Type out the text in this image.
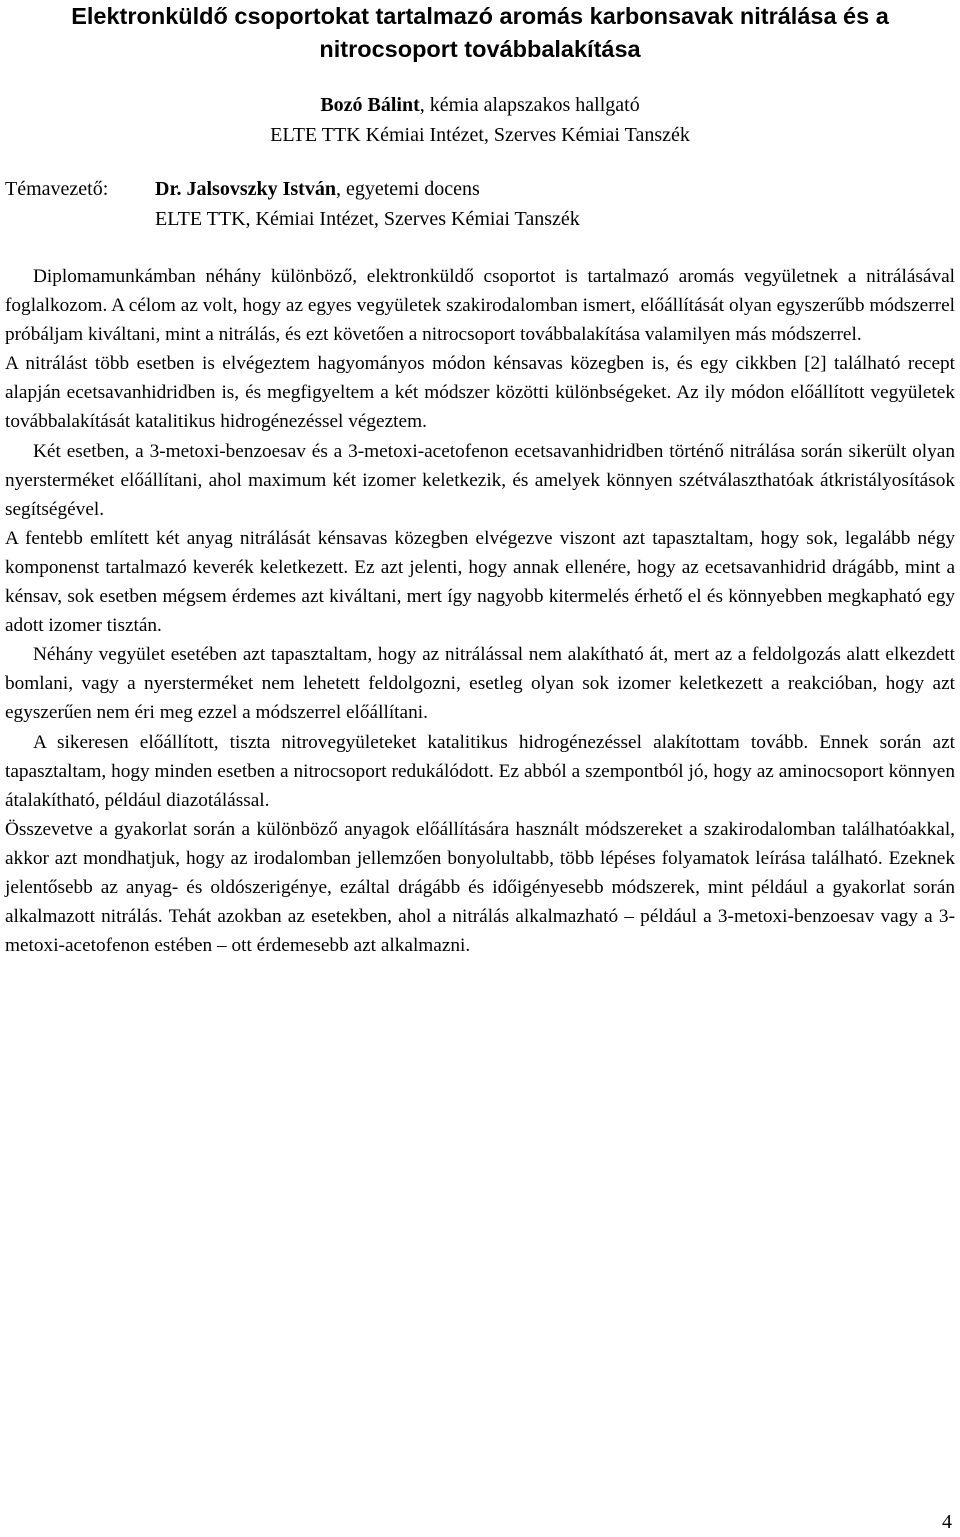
Elektronküldő csoportokat tartalmazó aromás karbonsavak nitrálása és a nitrocsoport továbbalakítása
Bozó Bálint, kémia alapszakos hallgató
ELTE TTK Kémiai Intézet, Szerves Kémiai Tanszék
Témavezető: Dr. Jalsovszky István, egyetemi docens
ELTE TTK, Kémiai Intézet, Szerves Kémiai Tanszék

Diplomamunkámban néhány különböző, elektronküldő csoportot is tartalmazó aromás vegyületnek a nitrálásával foglalkozom. A célom az volt, hogy az egyes vegyületek szakirodalomban ismert, előállítását olyan egyszerűbb módszerrel próbáljam kiváltani, mint a nitrálás, és ezt követően a nitrocsoport továbbalakítása valamilyen más módszerrel.

A nitrálást több esetben is elvégeztem hagyományos módon kénsavas közegben is, és egy cikkben [2] található recept alapján ecetsavanhidridben is, és megfigyeltem a két módszer közötti különbségeket. Az ily módon előállított vegyületek továbbalakítását katalitikus hidrogénezéssel végeztem.

Két esetben, a 3-metoxi-benzoesav és a 3-metoxi-acetofenon ecetsavanhidridben történő nitrálása során sikerült olyan nyersterméket előállítani, ahol maximum két izomer keletkezik, és amelyek könnyen szétválaszthatóak átkristályosítások segítségével.

A fentebb említett két anyag nitrálását kénsavas közegben elvégezve viszont azt tapasztaltam, hogy sok, legalább négy komponenst tartalmazó keverék keletkezett. Ez azt jelenti, hogy annak ellenére, hogy az ecetsavanhidrid drágább, mint a kénsav, sok esetben mégsem érdemes azt kiváltani, mert így nagyobb kitermelés érhető el és könnyebben megkapható egy adott izomer tisztán.

Néhány vegyület esetében azt tapasztaltam, hogy az nitrálással nem alakítható át, mert az a feldolgozás alatt elkezdett bomlani, vagy a nyersterméket nem lehetett feldolgozni, esetleg olyan sok izomer keletkezett a reakcióban, hogy azt egyszerűen nem éri meg ezzel a módszerrel előállítani.

A sikeresen előállított, tiszta nitrovegyületeket katalitikus hidrogénezéssel alakítottam tovább. Ennek során azt tapasztaltam, hogy minden esetben a nitrocsoport redukálódott. Ez abból a szempontból jó, hogy az aminocsoport könnyen átalakítható, például diazotálással.

Összevetve a gyakorlat során a különböző anyagok előállítására használt módszereket a szakirodalomban találhatóakkal, akkor azt mondhatjuk, hogy az irodalomban jellemzően bonyolultabb, több lépéses folyamatok leírása található. Ezeknek jelentősebb az anyag- és oldószerigénye, ezáltal drágább és időigényesebb módszerek, mint például a gyakorlat során alkalmazott nitrálás. Tehát azokban az esetekben, ahol a nitrálás alkalmazható – például a 3-metoxi-benzoesav vagy a 3-metoxi-acetofenon estében – ott érdemesebb azt alkalmazni.

4
